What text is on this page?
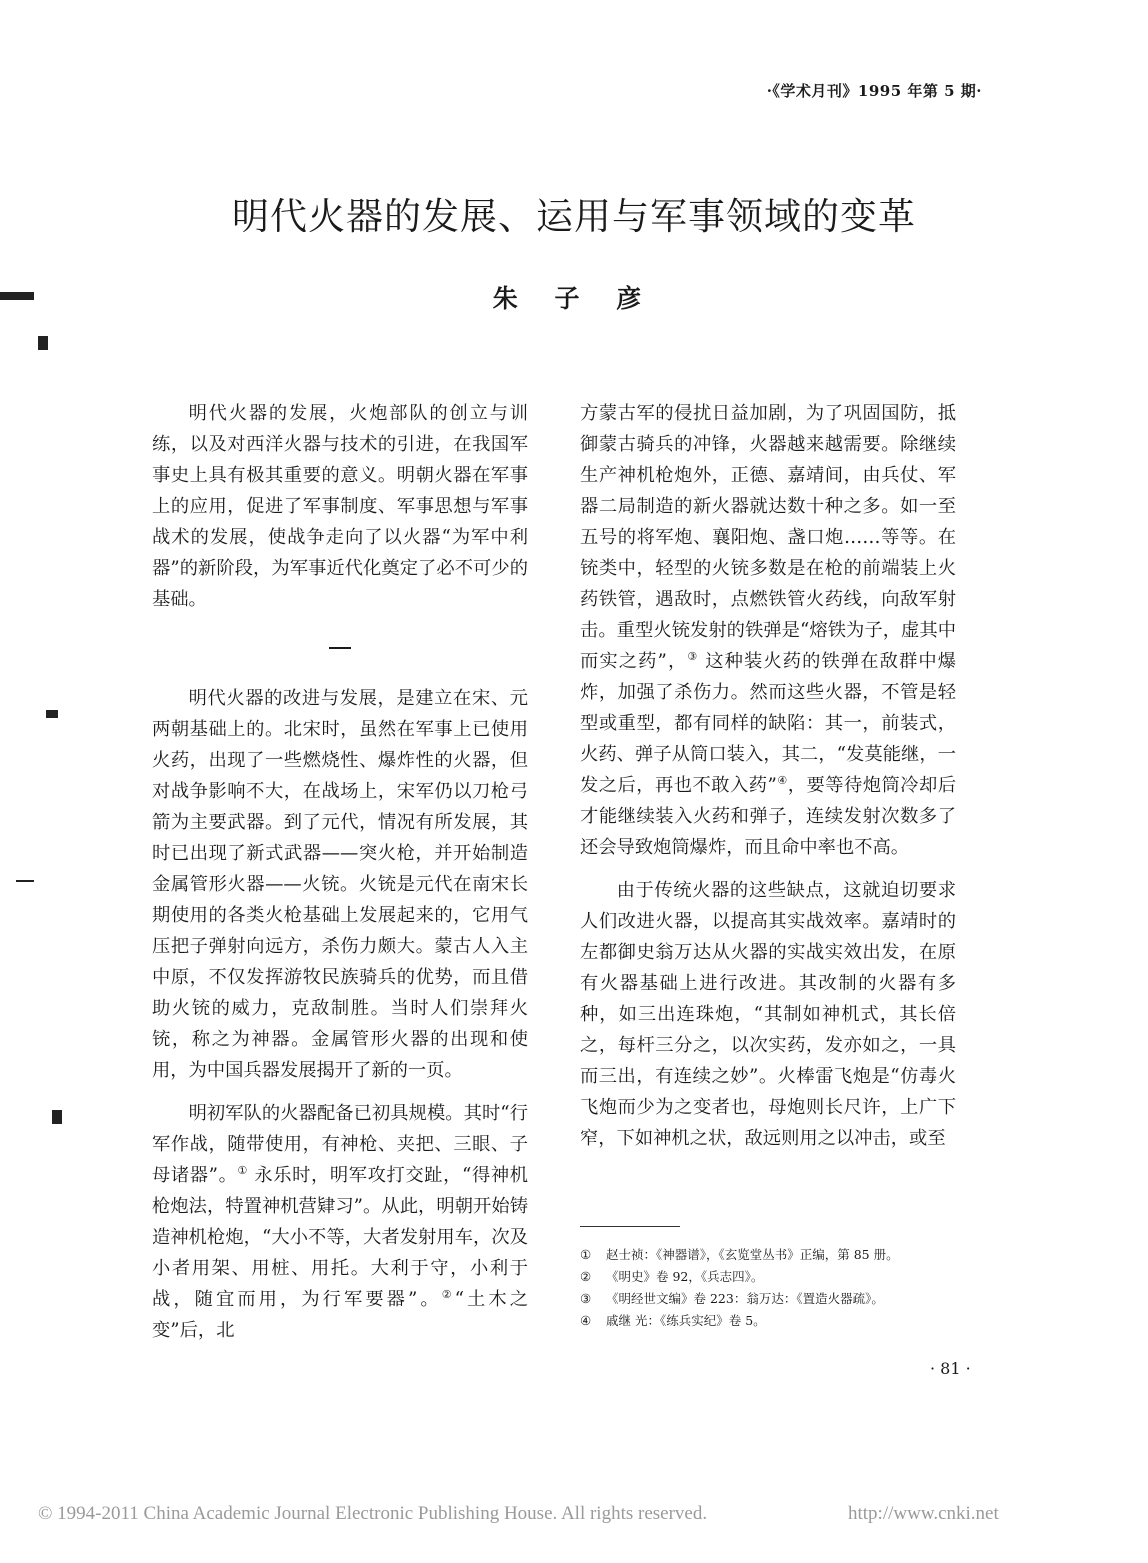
·《学术月刊》1995 年第 5 期·
明代火器的发展、运用与军事领域的变革
朱 子 彦

明代火器的发展，火炮部队的创立与训练，以及对西洋火器与技术的引进，在我国军事史上具有极其重要的意义。明朝火器在军事上的应用，促进了军事制度、军事思想与军事战术的发展，使战争走向了以火器“为军中利器”的新阶段，为军事近代化奠定了必不可少的基础。

明代火器的改进与发展，是建立在宋、元两朝基础上的。北宋时，虽然在军事上已使用火药，出现了一些燃烧性、爆炸性的火器，但对战争影响不大，在战场上，宋军仍以刀枪弓箭为主要武器。到了元代，情况有所发展，其时已出现了新式武器——突火枪，并开始制造金属管形火器——火铳。火铳是元代在南宋长期使用的各类火枪基础上发展起来的，它用气压把子弹射向远方，杀伤力颇大。蒙古人入主中原，不仅发挥游牧民族骑兵的优势，而且借助火铳的威力，克敌制胜。当时人们崇拜火铳，称之为神器。金属管形火器的出现和使用，为中国兵器发展揭开了新的一页。

明初军队的火器配备已初具规模。其时“行军作战，随带使用，有神枪、夹把、三眼、子母诸器”。① 永乐时，明军攻打交趾，“得神机枪炮法，特置神机营肄习”。从此，明朝开始铸造神机枪炮，“大小不等，大者发射用车，次及小者用架、用桩、用托。大利于守，小利于战，随宜而用，为行军要器”。②“土木之变”后，北

方蒙古军的侵扰日益加剧，为了巩固国防，抵御蒙古骑兵的冲锋，火器越来越需要。除继续生产神机枪炮外，正德、嘉靖间，由兵仗、军器二局制造的新火器就达数十种之多。如一至五号的将军炮、襄阳炮、盏口炮……等等。在铳类中，轻型的火铳多数是在枪的前端装上火药铁管，遇敌时，点燃铁管火药线，向敌军射击。重型火铳发射的铁弹是“熔铁为子，虚其中而实之药”，③ 这种装火药的铁弹在敌群中爆炸，加强了杀伤力。然而这些火器，不管是轻型或重型，都有同样的缺陷：其一，前装式，火药、弹子从筒口装入，其二，“发莫能继，一发之后，再也不敢入药”④，要等待炮筒冷却后才能继续装入火药和弹子，连续发射次数多了还会导致炮筒爆炸，而且命中率也不高。

由于传统火器的这些缺点，这就迫切要求人们改进火器，以提高其实战效率。嘉靖时的左都御史翁万达从火器的实战实效出发，在原有火器基础上进行改进。其改制的火器有多种，如三出连珠炮，“其制如神机式，其长倍之，每杆三分之，以次实药，发亦如之，一具而三出，有连续之妙”。火棒雷飞炮是“仿毒火飞炮而少为之变者也，母炮则长尺许，上广下窄，下如神机之状，敌远则用之以冲击，或至

① 赵士祯：《神器谱》，《玄览堂丛书》正编，第 85 册。
② 《明史》卷 92，《兵志四》。
③ 《明经世文编》卷 223：翁万达：《置造火器疏》。
④ 戚继 光：《练兵实纪》卷 5。
· 81 ·
© 1994-2011 China Academic Journal Electronic Publishing House. All rights reserved.	http://www.cnki.net
